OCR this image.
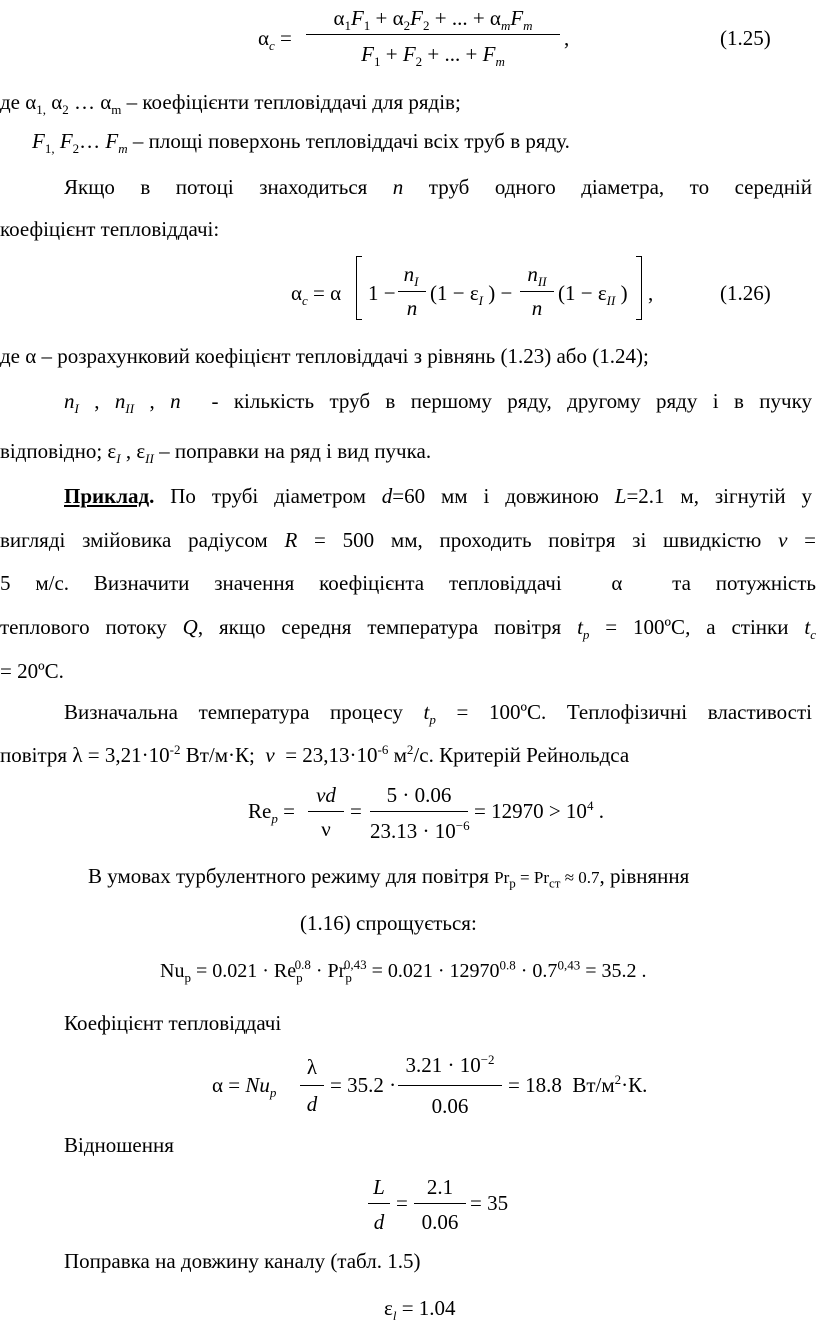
$\alpha_c$ =
$\alpha_1F_1 + \alpha_2F_2$ + ... + $\alpha_mF_m$
$F_1 + F_2$ + ... + $F_m$
,	(1.25)
де $\alpha_{1,}$ $\alpha_2$ … $\alpha_m$ – коефіцієнти тепловіддачі для рядів;
$F_{1,}$ $F_2\dots$ $F_m$ – площі поверхонь тепловіддачі всіх труб в ряду.
Якщо в потоці знаходиться n труб одного діаметра, то середній
коефіцієнт тепловіддачі:
$\alpha_c = \alpha$ 1 −
$n_I$
n
($1 - \varepsilon_I$ ) −
$n_{II}$
n
($1 - \varepsilon_{II}$ ) ,	(1.26)
де α – розрахунковий коефіцієнт тепловіддачі з рівнянь (1.23) або (1.24);
$n_I$ , $n_{II}$ , n  - кількість труб в першому ряду, другому ряду і в пучку
відповідно; $\varepsilon_I$ , $\varepsilon_{II}$ – поправки на ряд і вид пучка.
Приклад. По трубі діаметром d=60 мм і довжиною L=2.1 м, зігнутій у
вигляді змійовика радіусом R = 500 мм, проходить повітря зі швидкістю v =
5 м/с. Визначити значення коефіцієнта тепловіддачі  α  та потужність
теплового потоку Q, якщо середня температура повітря $t_p$ = 100ºC, а стінки $t_c$
= 20ºC.
Визначальна температура процесу $t_p$ = 100ºC. Теплофізичні властивості
повітря $\lambda = 3,21\cdot 10^{-2}$ Вт/м·К;  $\nu = 23,13\cdot 10^{-6}$ $м^2/с$. Критерій Рейнольдса
$Re_p$ =
vd
ν
=
5 · 0.06
$23.13 \cdot 10^{-6}$
= $12970 > 10^4$ .
В умовах турбулентного режиму для повітря $Pr_р = Pr_{ст} \approx 0.7$, рівняння
(1.16) спрощується:
$Nu_р = 0.021 \cdot Re_р^{0.8} \cdot Pr_р^{0,43} = 0.021 \cdot 12970^{0.8} \cdot 0.7^{0,43} = 35.2$ .
Коефіцієнт тепловіддачі
$\alpha = Nu_p$
λ
d
= 35.2 ·
$3.21 \cdot 10^{-2}$
0.06
= 18.8  $Вт/м^2\cdot К$.
Відношення
L
d
=
2.1
0.06
= 35
Поправка на довжину каналу (табл. 1.5)
$\varepsilon_l = 1.04$
